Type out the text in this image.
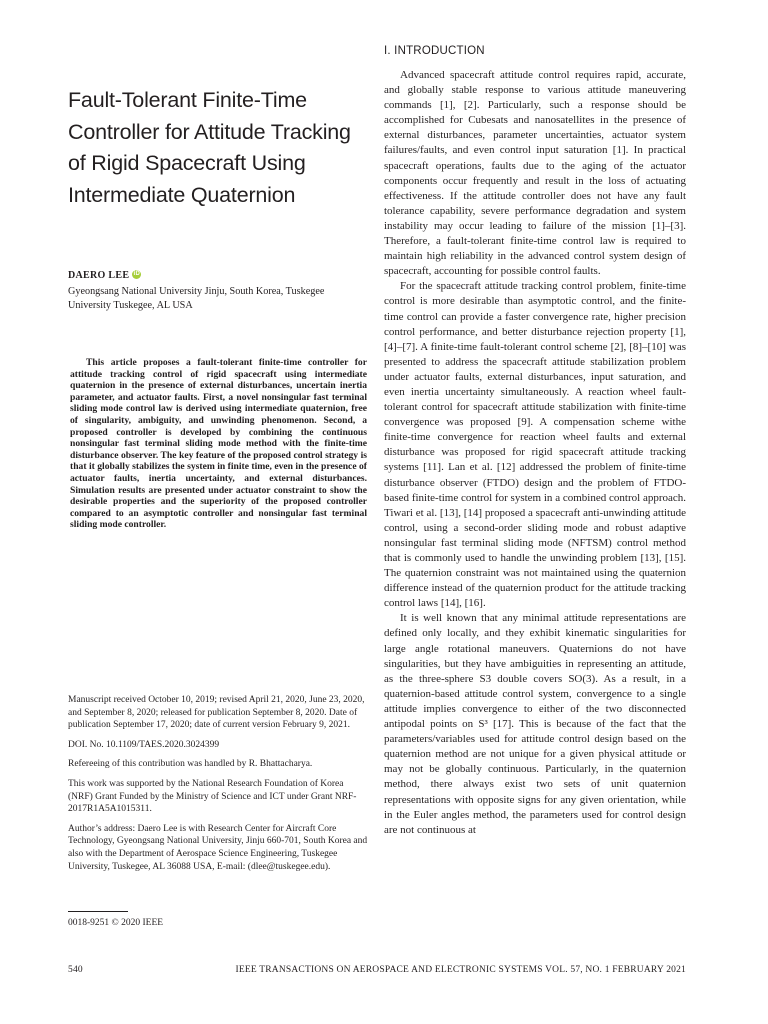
Fault-Tolerant Finite-Time Controller for Attitude Tracking of Rigid Spacecraft Using Intermediate Quaternion
DAERO LEE iD
Gyeongsang National University Jinju, South Korea, Tuskegee University Tuskegee, AL USA
This article proposes a fault-tolerant finite-time controller for attitude tracking control of rigid spacecraft using intermediate quaternion in the presence of external disturbances, uncertain inertia parameter, and actuator faults. First, a novel nonsingular fast terminal sliding mode control law is derived using intermediate quaternion, free of singularity, ambiguity, and unwinding phenomenon. Second, a proposed controller is developed by combining the continuous nonsingular fast terminal sliding mode method with the finite-time disturbance observer. The key feature of the proposed control strategy is that it globally stabilizes the system in finite time, even in the presence of actuator faults, inertia uncertainty, and external disturbances. Simulation results are presented under actuator constraint to show the desirable properties and the superiority of the proposed controller compared to an asymptotic controller and nonsingular fast terminal sliding mode controller.

Manuscript received October 10, 2019; revised April 21, 2020, June 23, 2020, and September 8, 2020; released for publication September 8, 2020. Date of publication September 17, 2020; date of current version February 9, 2021.

DOI. No. 10.1109/TAES.2020.3024399

Refereeing of this contribution was handled by R. Bhattacharya.

This work was supported by the National Research Foundation of Korea (NRF) Grant Funded by the Ministry of Science and ICT under Grant NRF-2017R1A5A1015311.

Author’s address: Daero Lee is with Research Center for Aircraft Core Technology, Gyeongsang National University, Jinju 660-701, South Korea and also with the Department of Aerospace Science Engineering, Tuskegee University, Tuskegee, AL 36088 USA, E-mail: (dlee@tuskegee.edu).

0018-9251 © 2020 IEEE
I. INTRODUCTION

Advanced spacecraft attitude control requires rapid, accurate, and globally stable response to various attitude maneuvering commands [1], [2]. Particularly, such a response should be accomplished for Cubesats and nanosatellites in the presence of external disturbances, parameter uncertainties, actuator system failures/faults, and even control input saturation [1]. In practical spacecraft operations, faults due to the aging of the actuator components occur frequently and result in the loss of actuating effectiveness. If the attitude controller does not have any fault tolerance capability, severe performance degradation and system instability may occur leading to failure of the mission [1]–[3]. Therefore, a fault-tolerant finite-time control law is required to maintain high reliability in the advanced control system design of spacecraft, accounting for possible control faults.

For the spacecraft attitude tracking control problem, finite-time control is more desirable than asymptotic control, and the finite-time control can provide a faster convergence rate, higher precision control performance, and better disturbance rejection property [1], [4]–[7]. A finite-time fault-tolerant control scheme [2], [8]–[10] was presented to address the spacecraft attitude stabilization problem under actuator faults, external disturbances, input saturation, and even inertia uncertainty simultaneously. A reaction wheel fault-tolerant control for spacecraft attitude stabilization with finite-time convergence was proposed [9]. A compensation scheme withe finite-time convergence for reaction wheel faults and external disturbance was proposed for rigid spacecraft attitude tracking systems [11]. Lan et al. [12] addressed the problem of finite-time disturbance observer (FTDO) design and the problem of FTDO-based finite-time control for system in a combined control approach. Tiwari et al. [13], [14] proposed a spacecraft anti-unwinding attitude control, using a second-order sliding mode and robust adaptive nonsingular fast terminal sliding mode (NFTSM) control method that is commonly used to handle the unwinding problem [13], [15]. The quaternion constraint was not maintained using the quaternion difference instead of the quaternion product for the attitude tracking control laws [14], [16].

It is well known that any minimal attitude representations are defined only locally, and they exhibit kinematic singularities for large angle rotational maneuvers. Quaternions do not have singularities, but they have ambiguities in representing an attitude, as the three-sphere S3 double covers SO(3). As a result, in a quaternion-based attitude control system, convergence to a single attitude implies convergence to either of the two disconnected antipodal points on S³ [17]. This is because of the fact that the parameters/variables used for attitude control design based on the quaternion method are not unique for a given physical attitude or may not be globally continuous. Particularly, in the quaternion method, there always exist two sets of unit quaternion representations with opposite signs for any given orientation, while in the Euler angles method, the parameters used for control design are not continuous at

540	IEEE TRANSACTIONS ON AEROSPACE AND ELECTRONIC SYSTEMS VOL. 57, NO. 1 FEBRUARY 2021
